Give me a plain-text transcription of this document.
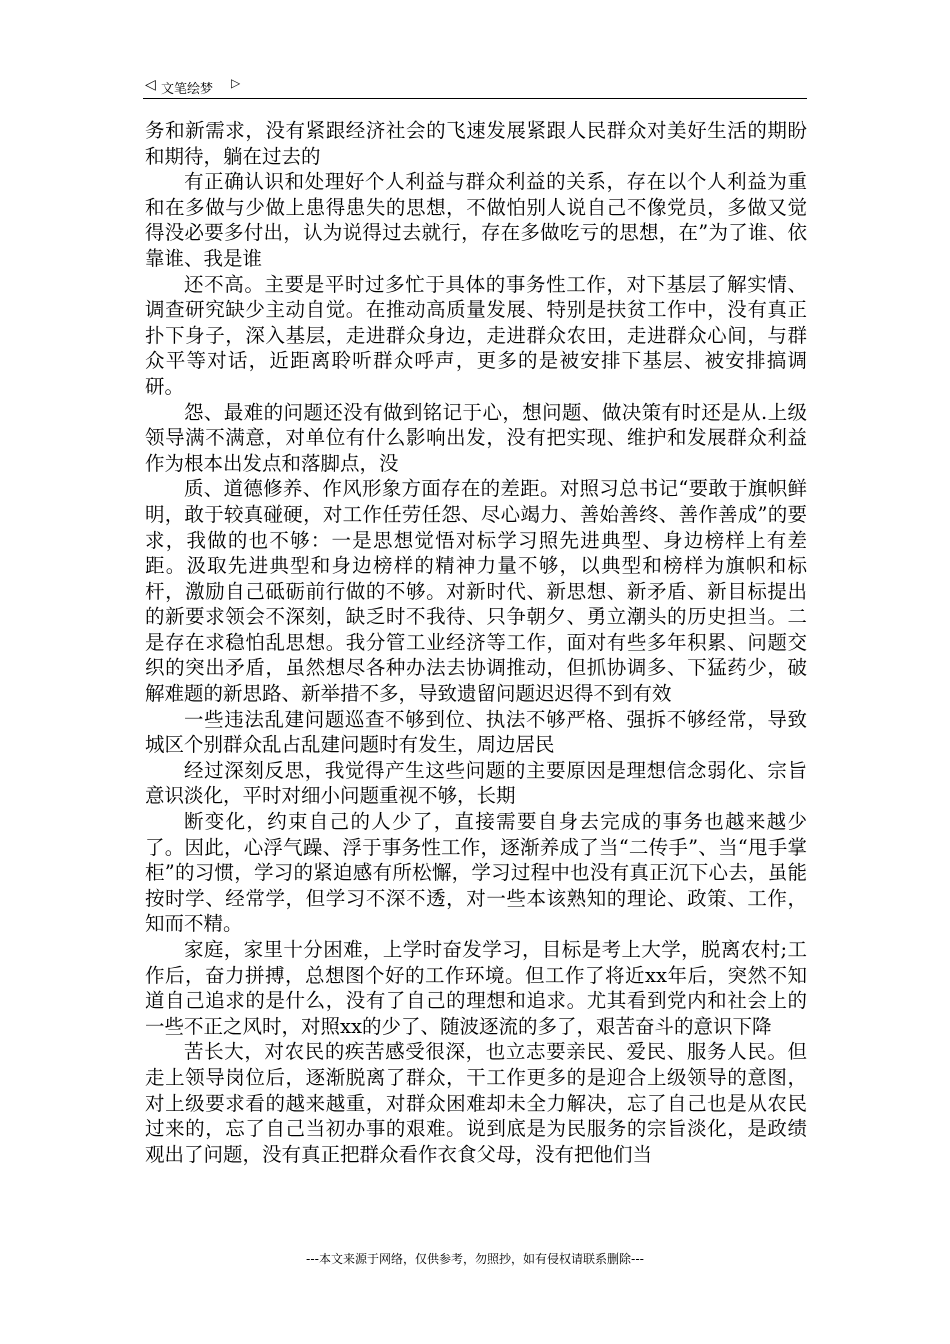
◁ 文笔绘梦 ▷

务和新需求，没有紧跟经济社会的飞速发展紧跟人民群众对美好生活的期盼和期待，躺在过去的

有正确认识和处理好个人利益与群众利益的关系，存在以个人利益为重和在多做与少做上患得患失的思想，不做怕别人说自己不像党员，多做又觉得没必要多付出，认为说得过去就行，存在多做吃亏的思想，在”为了谁、依靠谁、我是谁

还不高。主要是平时过多忙于具体的事务性工作，对下基层了解实情、调查研究缺少主动自觉。在推动高质量发展、特别是扶贫工作中，没有真正扑下身子，深入基层，走进群众身边，走进群众农田，走进群众心间，与群众平等对话，近距离聆听群众呼声，更多的是被安排下基层、被安排搞调研。

怨、最难的问题还没有做到铭记于心，想问题、做决策有时还是从.上级领导满不满意，对单位有什么影响出发，没有把实现、维护和发展群众利益作为根本出发点和落脚点，没

质、道德修养、作风形象方面存在的差距。对照习总书记“要敢于旗帜鲜明，敢于较真碰硬，对工作任劳任怨、尽心竭力、善始善终、善作善成”的要求，我做的也不够：一是思想觉悟对标学习照先进典型、身边榜样上有差距。汲取先进典型和身边榜样的精神力量不够，以典型和榜样为旗帜和标杆，激励自己砥砺前行做的不够。对新时代、新思想、新矛盾、新目标提出的新要求领会不深刻，缺乏时不我待、只争朝夕、勇立潮头的历史担当。二是存在求稳怕乱思想。我分管工业经济等工作，面对有些多年积累、问题交织的突出矛盾，虽然想尽各种办法去协调推动，但抓协调多、下猛药少，破解难题的新思路、新举措不多，导致遗留问题迟迟得不到有效

一些违法乱建问题巡查不够到位、执法不够严格、强拆不够经常，导致城区个别群众乱占乱建问题时有发生，周边居民

经过深刻反思，我觉得产生这些问题的主要原因是理想信念弱化、宗旨意识淡化，平时对细小问题重视不够，长期

断变化，约束自己的人少了，直接需要自身去完成的事务也越来越少了。因此，心浮气躁、浮于事务性工作，逐渐养成了当“二传手”、当“甩手掌柜”的习惯，学习的紧迫感有所松懈，学习过程中也没有真正沉下心去，虽能按时学、经常学，但学习不深不透，对一些本该熟知的理论、政策、工作，知而不精。

家庭，家里十分困难，上学时奋发学习，目标是考上大学，脱离农村;工作后，奋力拼搏，总想图个好的工作环境。但工作了将近xx年后，突然不知道自己追求的是什么，没有了自己的理想和追求。尤其看到党内和社会上的一些不正之风时，对照xx的少了、随波逐流的多了，艰苦奋斗的意识下降

苦长大，对农民的疾苦感受很深，也立志要亲民、爱民、服务人民。但走上领导岗位后，逐渐脱离了群众，干工作更多的是迎合上级领导的意图，对上级要求看的越来越重，对群众困难却未全力解决，忘了自己也是从农民过来的，忘了自己当初办事的艰难。说到底是为民服务的宗旨淡化，是政绩观出了问题，没有真正把群众看作衣食父母，没有把他们当

---本文来源于网络，仅供参考，勿照抄，如有侵权请联系删除---
